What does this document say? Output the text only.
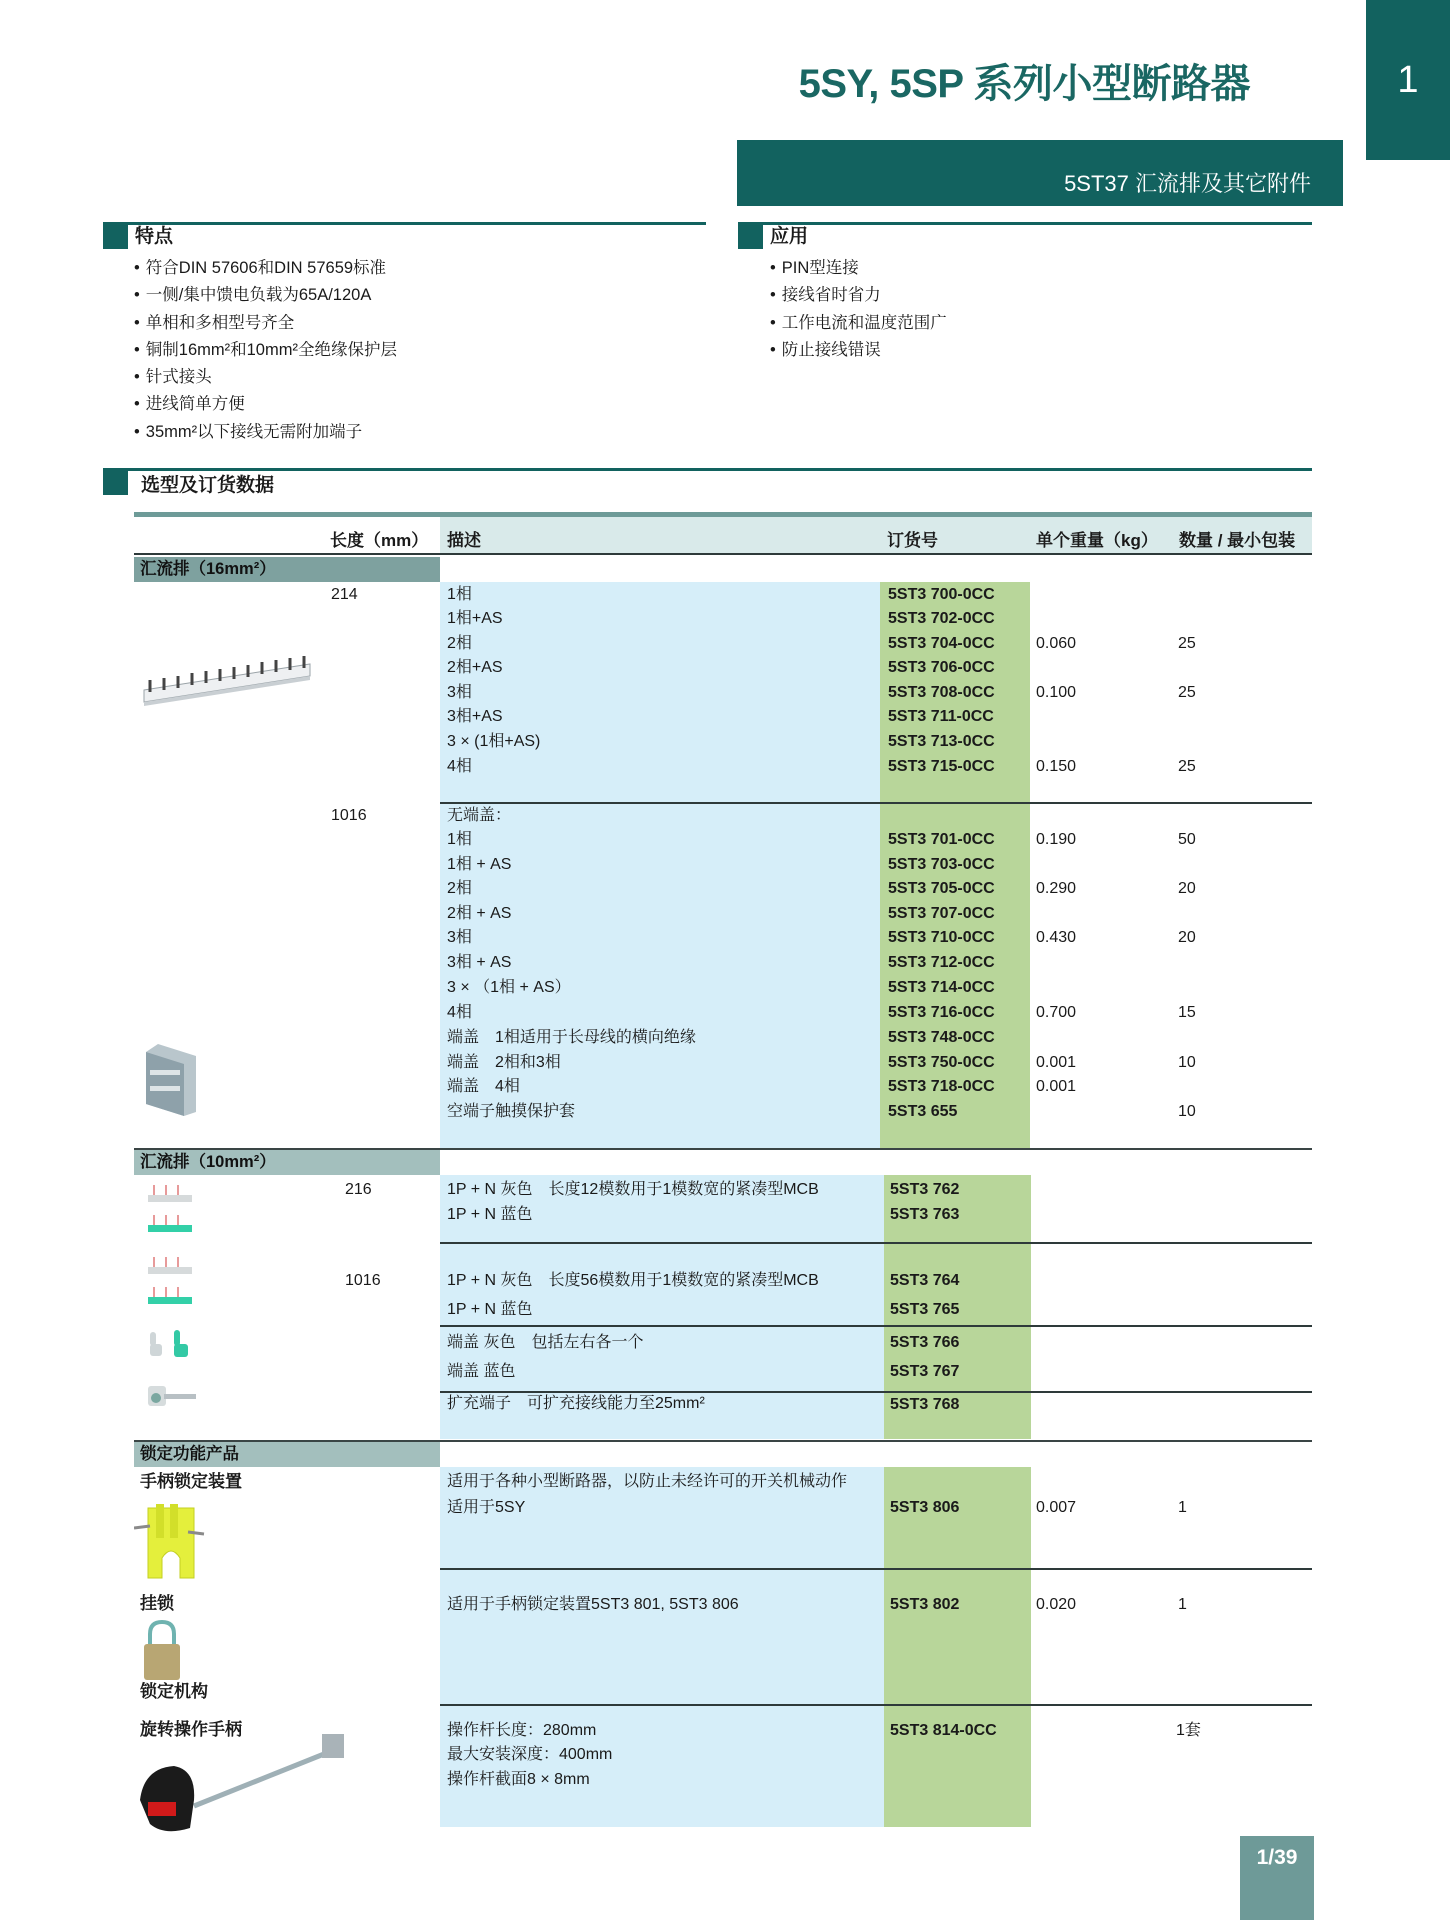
1
5SY, 5SP 系列小型断路器
5ST37 汇流排及其它附件
特点
• 符合DIN 57606和DIN 57659标准
• 一侧/集中馈电负载为65A/120A
• 单相和多相型号齐全
• 铜制16mm²和10mm²全绝缘保护层
• 针式接头
• 进线简单方便
• 35mm²以下接线无需附加端子
应用
• PIN型连接
• 接线省时省力
• 工作电流和温度范围广
• 防止接线错误
选型及订货数据
长度（mm） 描述	订货号	单个重量（kg） 数量 / 最小包装
汇流排（16mm²）
214	1相	5ST3 700-0CC
1相+AS	5ST3 702-0CC
2相	5ST3 704-0CC	0.060	25
2相+AS	5ST3 706-0CC
3相	5ST3 708-0CC	0.100	25
3相+AS	5ST3 711-0CC
3 × (1相+AS)	5ST3 713-0CC
4相	5ST3 715-0CC	0.150	25
1016	无端盖：
1相	5ST3 701-0CC	0.190	50
1相 + AS	5ST3 703-0CC
2相	5ST3 705-0CC	0.290	20
2相 + AS	5ST3 707-0CC
3相	5ST3 710-0CC	0.430	20
3相 + AS	5ST3 712-0CC
3 × （1相 + AS）	5ST3 714-0CC
4相	5ST3 716-0CC	0.700	15
端盖　1相适用于长母线的横向绝缘	5ST3 748-0CC
端盖　2相和3相	5ST3 750-0CC	0.001	10
端盖　4相	5ST3 718-0CC	0.001
空端子触摸保护套	5ST3 655	10
汇流排（10mm²）
216	1P + N 灰色　长度12模数用于1模数宽的紧凑型MCB	5ST3 762
1P + N 蓝色	5ST3 763
1016	1P + N 灰色　长度56模数用于1模数宽的紧凑型MCB	5ST3 764
1P + N 蓝色	5ST3 765
端盖 灰色　包括左右各一个	5ST3 766
端盖 蓝色	5ST3 767
扩充端子　可扩充接线能力至25mm²	5ST3 768
锁定功能产品
手柄锁定装置	适用于各种小型断路器，以防止未经许可的开关机械动作
适用于5SY	5ST3 806	0.007	1
挂锁
锁定机构
适用于手柄锁定装置5ST3 801, 5ST3 806	5ST3 802	0.020	1
旋转操作手柄	操作杆长度：280mm
最大安装深度：400mm
操作杆截面8 × 8mm
5ST3 814-0CC	1套
1/39
